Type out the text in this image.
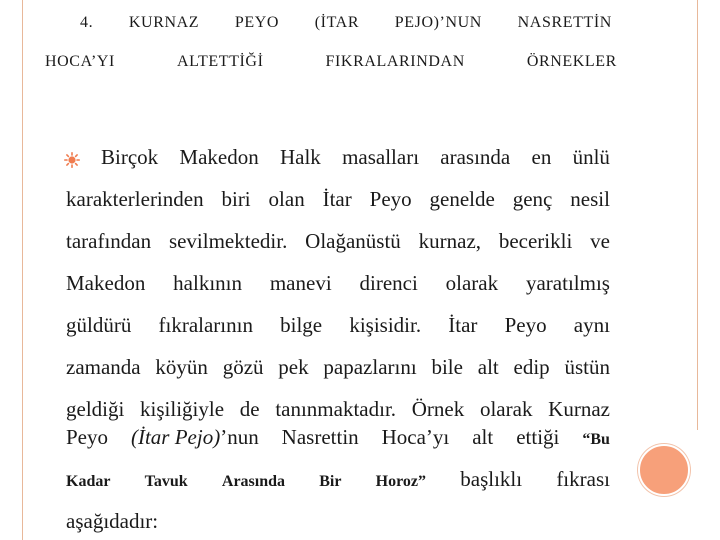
4. KURNAZ PEYO (İTAR PEJO)’NUN NASRETTİN
HOCA’YI	ALTETTİĞİ	FIKRALARINDAN	ÖRNEKLER
Birçok Makedon Halk masalları arasında en ünlü
karakterlerinden biri olan İtar Peyo genelde genç nesil
tarafından sevilmektedir. Olağanüstü kurnaz, becerikli ve
Makedon halkının manevi direnci olarak yaratılmış
güldürü fıkralarının bilge kişisidir. İtar Peyo aynı
zamanda köyün gözü pek papazlarını bile alt edip üstün
geldiği kişiliğiyle de tanınmaktadır. Örnek olarak Kurnaz
Peyo (İtar Pejo)’nun Nasrettin Hoca’yı alt ettiği “Bu
Kadar Tavuk Arasında Bir Horoz” başlıklı fıkrası
aşağıdadır:
